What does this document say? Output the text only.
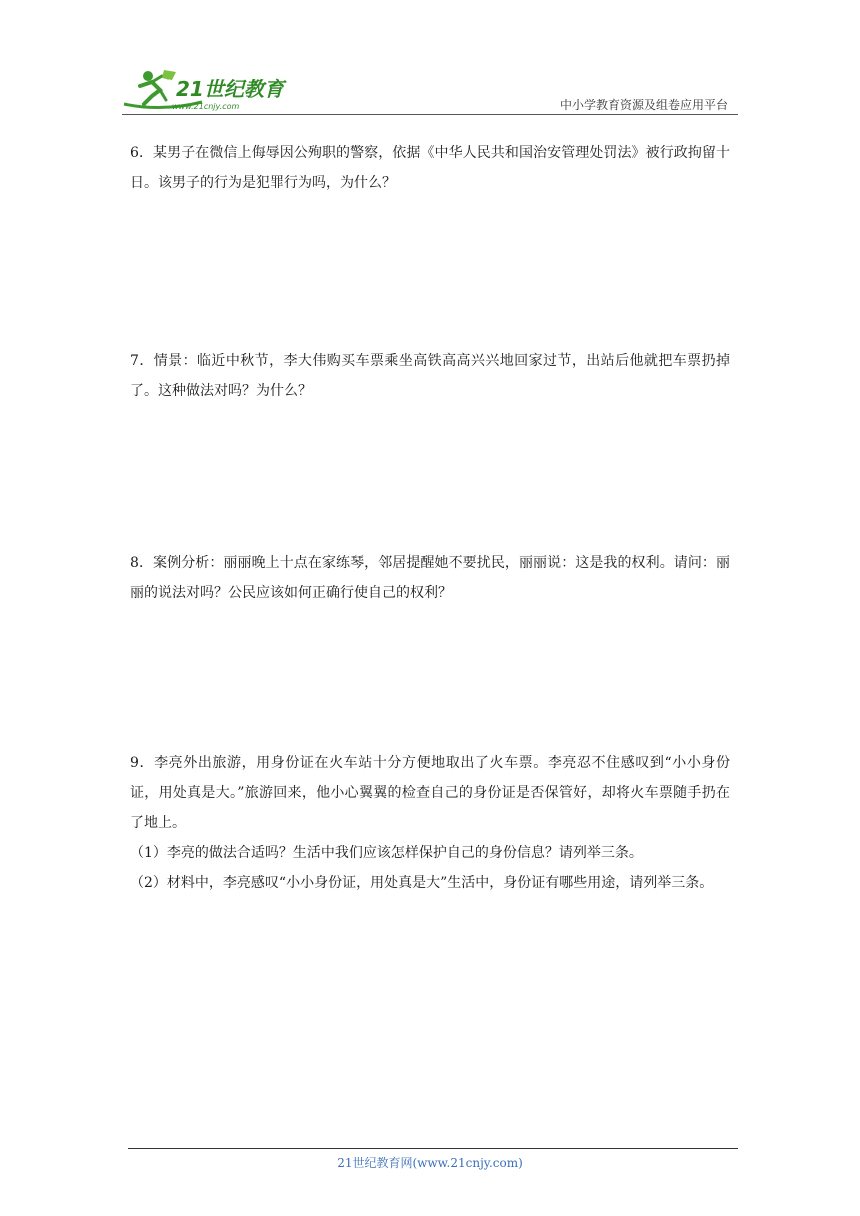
21世纪教育
www.21cnjy.com	中小学教育资源及组卷应用平台

6．某男子在微信上侮辱因公殉职的警察，依据《中华人民共和国治安管理处罚法》被行政拘留十日。该男子的行为是犯罪行为吗，为什么？

7．情景：临近中秋节，李大伟购买车票乘坐高铁高高兴兴地回家过节，出站后他就把车票扔掉了。这种做法对吗？为什么？

8．案例分析：丽丽晚上十点在家练琴，邻居提醒她不要扰民，丽丽说：这是我的权利。请问：丽丽的说法对吗？公民应该如何正确行使自己的权利？

9．李亮外出旅游，用身份证在火车站十分方便地取出了火车票。李亮忍不住感叹到“小小身份证，用处真是大。”旅游回来，他小心翼翼的检查自己的身份证是否保管好，却将火车票随手扔在了地上。

（1）李亮的做法合适吗？生活中我们应该怎样保护自己的身份信息？请列举三条。

（2）材料中，李亮感叹“小小身份证，用处真是大”生活中，身份证有哪些用途，请列举三条。

21世纪教育网(www.21cnjy.com)
